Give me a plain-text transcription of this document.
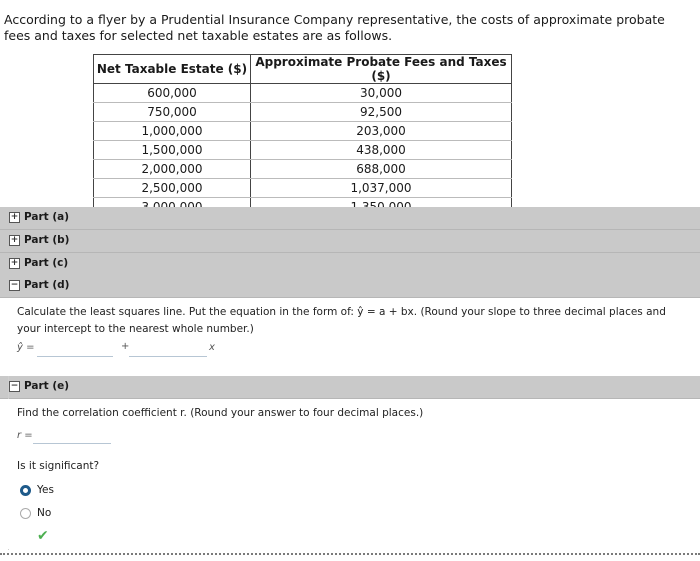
According to a flyer by a Prudential Insurance Company representative, the costs of approximate probate fees and taxes for selected net taxable estates are as follows.
Net Taxable Estate ($)	Approximate Probate Fees and Taxes ($)
600,000	30,000
750,000	92,500
1,000,000	203,000
1,500,000	438,000
2,000,000	688,000
2,500,000	1,037,000

+ Part (a)
+ Part (b)
+ Part (c)
− Part (d)
Calculate the least squares line. Put the equation in the form of: ŷ = a + bx. (Round your slope to three decimal places and your intercept to the nearest whole number.)
ŷ =	+	x
− Part (e)
Find the correlation coefficient r. (Round your answer to four decimal places.)
r =
Is it significant?
Yes
No
✔
